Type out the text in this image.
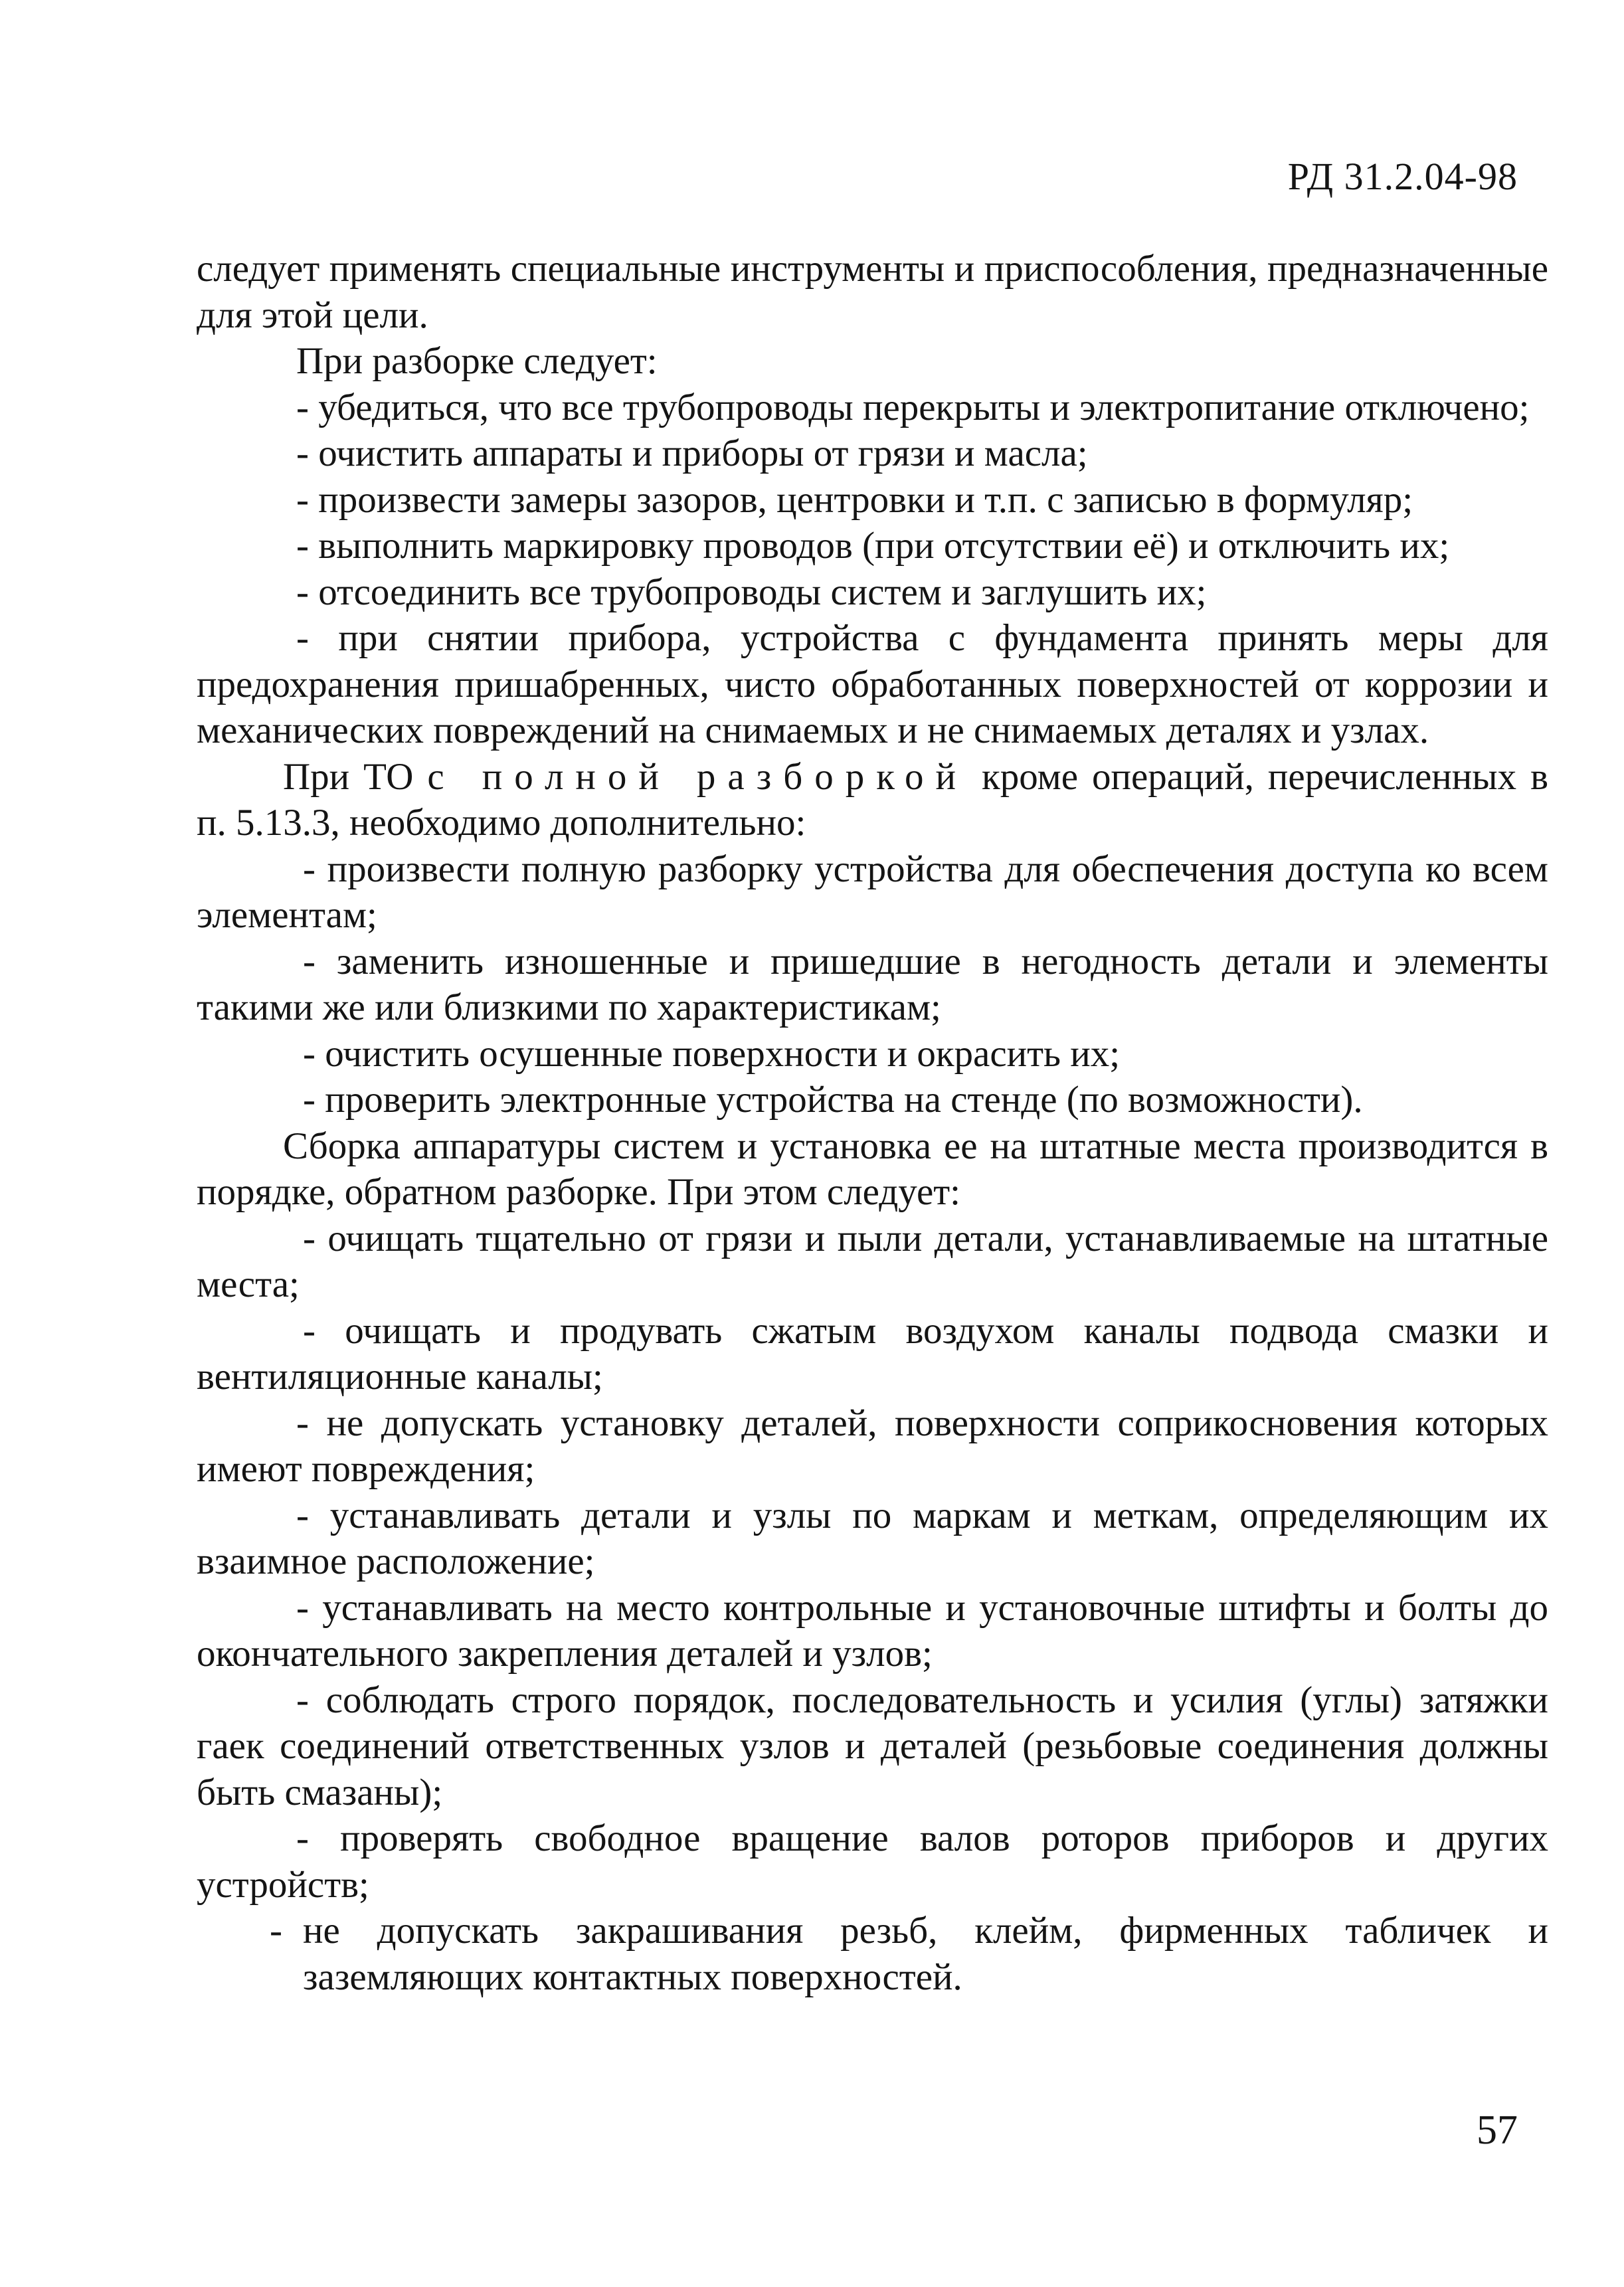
РД 31.2.04-98

следует применять специальные инструменты и приспособления, предназначенные для этой цели.

При разборке следует:

- убедиться, что все трубопроводы перекрыты и электропитание отключено;

- очистить аппараты и приборы от грязи и масла;

- произвести замеры зазоров, центровки и т.п. с записью в формуляр;

- выполнить маркировку проводов (при отсутствии её) и отключить их;

- отсоединить все трубопроводы систем и заглушить их;

- при снятии прибора, устройства с фундамента принять меры для предохранения пришабренных, чисто обработанных поверхностей от коррозии и механических повреждений на снимаемых и не снимаемых деталях и узлах.

При ТО с полной разборкой кроме операций, перечисленных в п. 5.13.3, необходимо дополнительно:

- произвести полную разборку устройства для обеспечения доступа ко всем элементам;

- заменить изношенные и пришедшие в негодность детали и элементы такими же или близкими по характеристикам;

- очистить осушенные поверхности и окрасить их;

- проверить электронные устройства на стенде (по возможности).

Сборка аппаратуры систем и установка ее на штатные места производится в порядке, обратном разборке. При этом следует:

- очищать тщательно от грязи и пыли детали, устанавливаемые на штатные места;

- очищать и продувать сжатым воздухом каналы подвода смазки и вентиляционные каналы;

- не допускать установку деталей, поверхности соприкосновения которых имеют повреждения;

- устанавливать детали и узлы по маркам и меткам, определяющим их взаимное расположение;

- устанавливать на место контрольные и установочные штифты и болты до окончательного закрепления деталей и узлов;

- соблюдать строго порядок, последовательность и усилия (углы) затяжки гаек соединений ответственных узлов и деталей (резьбовые соединения должны быть смазаны);

- проверять свободное вращение валов роторов приборов и других устройств;

- не допускать закрашивания резьб, клейм, фирменных табличек и заземляющих контактных поверхностей.

57
